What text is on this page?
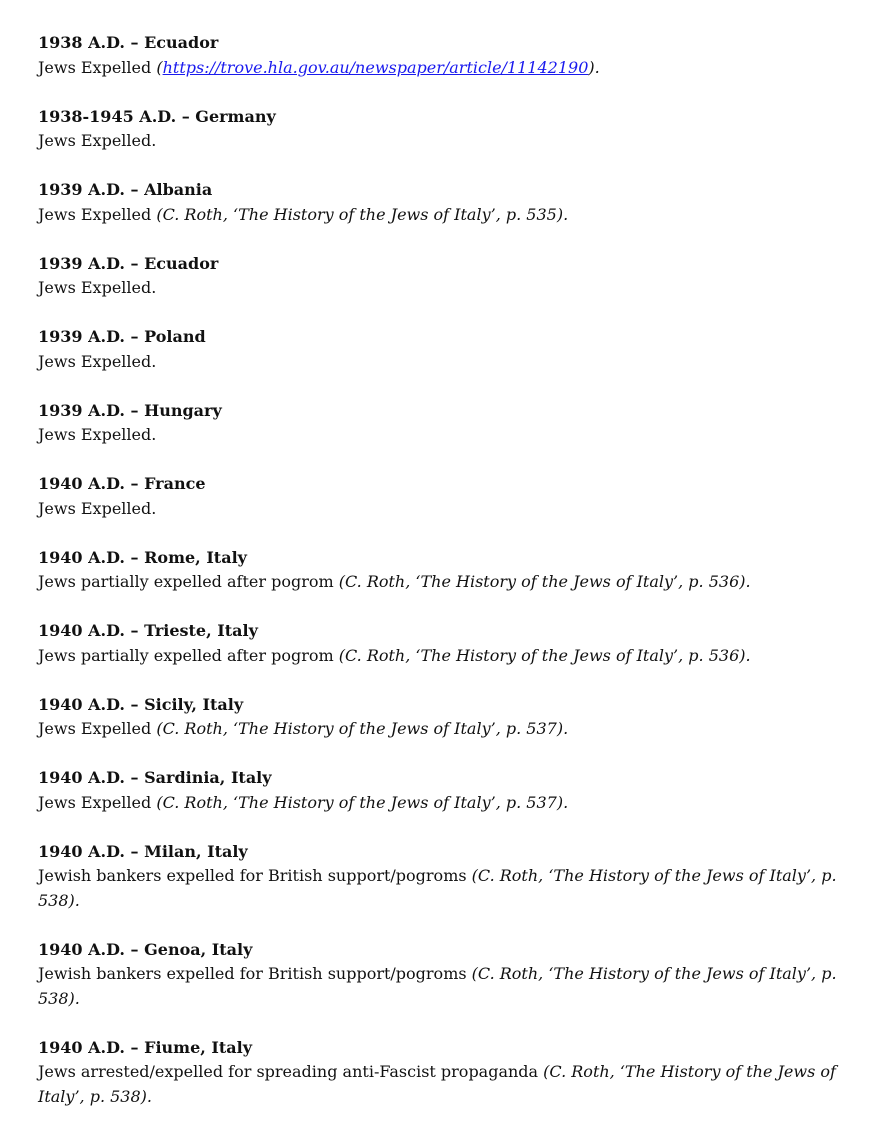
1938 A.D. – Ecuador
Jews Expelled (https://trove.hla.gov.au/newspaper/article/11142190).
1938-1945 A.D. – Germany
Jews Expelled.
1939 A.D. – Albania
Jews Expelled (C. Roth, ‘The History of the Jews of Italy’, p. 535).
1939 A.D. – Ecuador
Jews Expelled.
1939 A.D. – Poland
Jews Expelled.
1939 A.D. – Hungary
Jews Expelled.
1940 A.D. – France
Jews Expelled.
1940 A.D. – Rome, Italy
Jews partially expelled after pogrom (C. Roth, ‘The History of the Jews of Italy’, p. 536).
1940 A.D. – Trieste, Italy
Jews partially expelled after pogrom (C. Roth, ‘The History of the Jews of Italy’, p. 536).
1940 A.D. – Sicily, Italy
Jews Expelled (C. Roth, ‘The History of the Jews of Italy’, p. 537).
1940 A.D. – Sardinia, Italy
Jews Expelled (C. Roth, ‘The History of the Jews of Italy’, p. 537).
1940 A.D. – Milan, Italy
Jewish bankers expelled for British support/pogroms (C. Roth, ‘The History of the Jews of Italy’, p. 538).
1940 A.D. – Genoa, Italy
Jewish bankers expelled for British support/pogroms (C. Roth, ‘The History of the Jews of Italy’, p. 538).
1940 A.D. – Fiume, Italy
Jews arrested/expelled for spreading anti-Fascist propaganda (C. Roth, ‘The History of the Jews of Italy’, p. 538).
